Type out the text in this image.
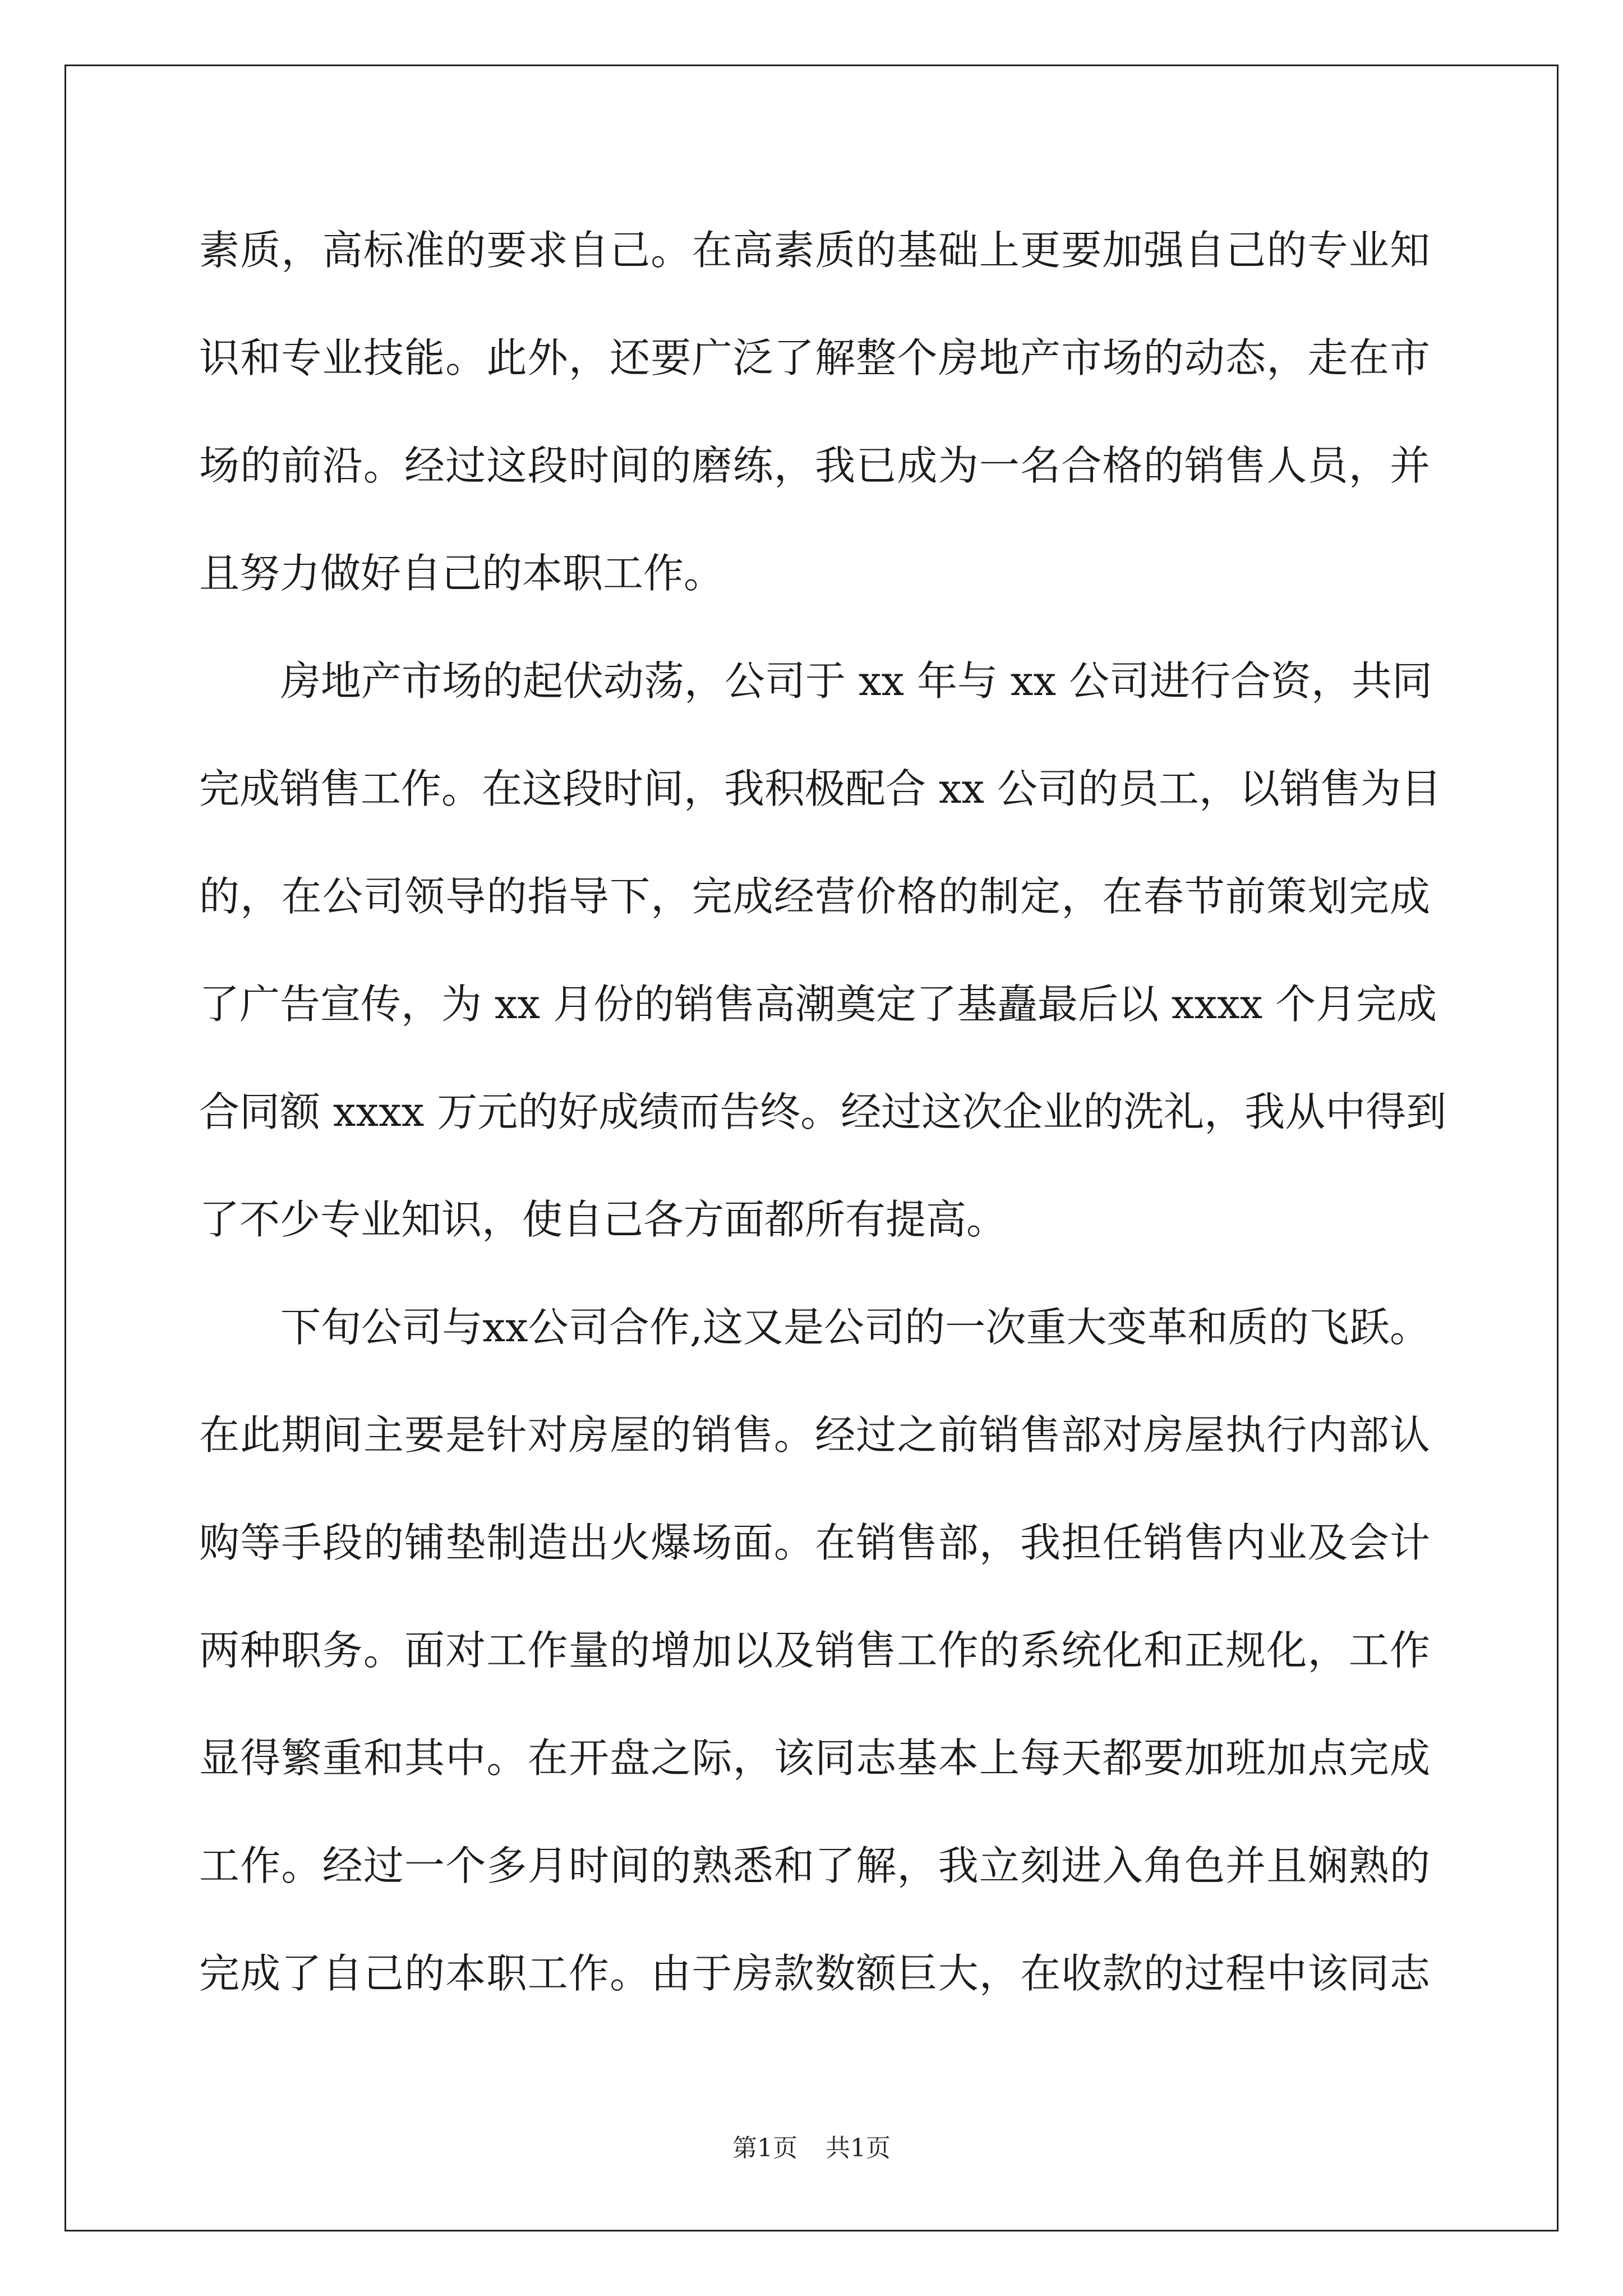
素质，高标准的要求自己。在高素质的基础上更要加强自己的专业知
识和专业技能。此外，还要广泛了解整个房地产市场的动态，走在市
场的前沿。经过这段时间的磨练，我已成为一名合格的销售人员，并
且努力做好自己的本职工作。
房地产市场的起伏动荡，公司于 xx 年与 xx 公司进行合资，共同
完成销售工作。在这段时间，我积极配合 xx 公司的员工，以销售为目
的，在公司领导的指导下，完成经营价格的制定，在春节前策划完成
了广告宣传，为 xx 月份的销售高潮奠定了基矗最后以 xxxx 个月完成
合同额 xxxx 万元的好成绩而告终。经过这次企业的洗礼，我从中得到
了不少专业知识，使自己各方面都所有提高。
下旬公司与xx公司合作,这又是公司的一次重大变革和质的飞跃。
在此期间主要是针对房屋的销售。经过之前销售部对房屋执行内部认
购等手段的铺垫制造出火爆场面。在销售部，我担任销售内业及会计
两种职务。面对工作量的增加以及销售工作的系统化和正规化，工作
显得繁重和其中。在开盘之际，该同志基本上每天都要加班加点完成
工作。经过一个多月时间的熟悉和了解，我立刻进入角色并且娴熟的
完成了自己的本职工作。由于房款数额巨大，在收款的过程中该同志
第1页 共1页
